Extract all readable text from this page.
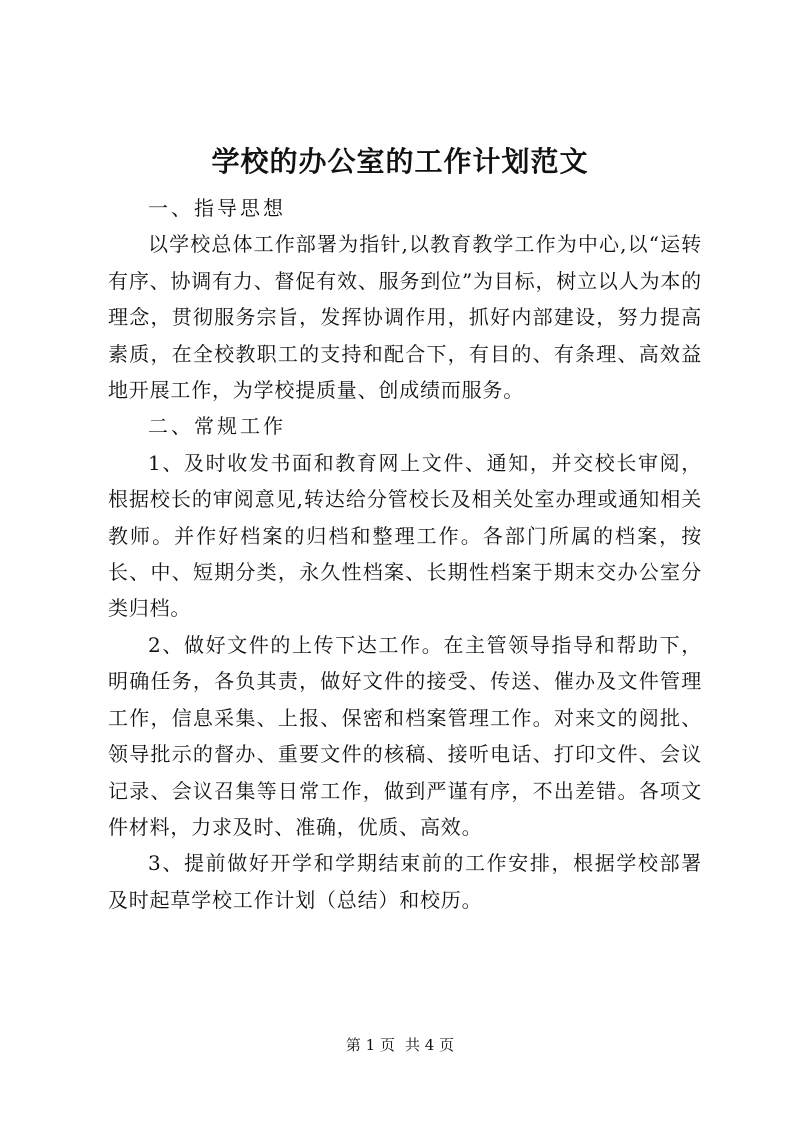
学校的办公室的工作计划范文

一、指导思想

以学校总体工作部署为指针,以教育教学工作为中心,以“运转有序、协调有力、督促有效、服务到位”为目标，树立以人为本的理念，贯彻服务宗旨，发挥协调作用，抓好内部建设，努力提高素质，在全校教职工的支持和配合下，有目的、有条理、高效益地开展工作，为学校提质量、创成绩而服务。

二、常规工作

1、及时收发书面和教育网上文件、通知，并交校长审阅，根据校长的审阅意见,转达给分管校长及相关处室办理或通知相关教师。并作好档案的归档和整理工作。各部门所属的档案，按长、中、短期分类，永久性档案、长期性档案于期末交办公室分类归档。

2、做好文件的上传下达工作。在主管领导指导和帮助下，明确任务，各负其责，做好文件的接受、传送、催办及文件管理工作，信息采集、上报、保密和档案管理工作。对来文的阅批、领导批示的督办、重要文件的核稿、接听电话、打印文件、会议记录、会议召集等日常工作，做到严谨有序，不出差错。各项文件材料，力求及时、准确，优质、高效。

3、提前做好开学和学期结束前的工作安排，根据学校部署及时起草学校工作计划（总结）和校历。

第 1 页 共 4 页
